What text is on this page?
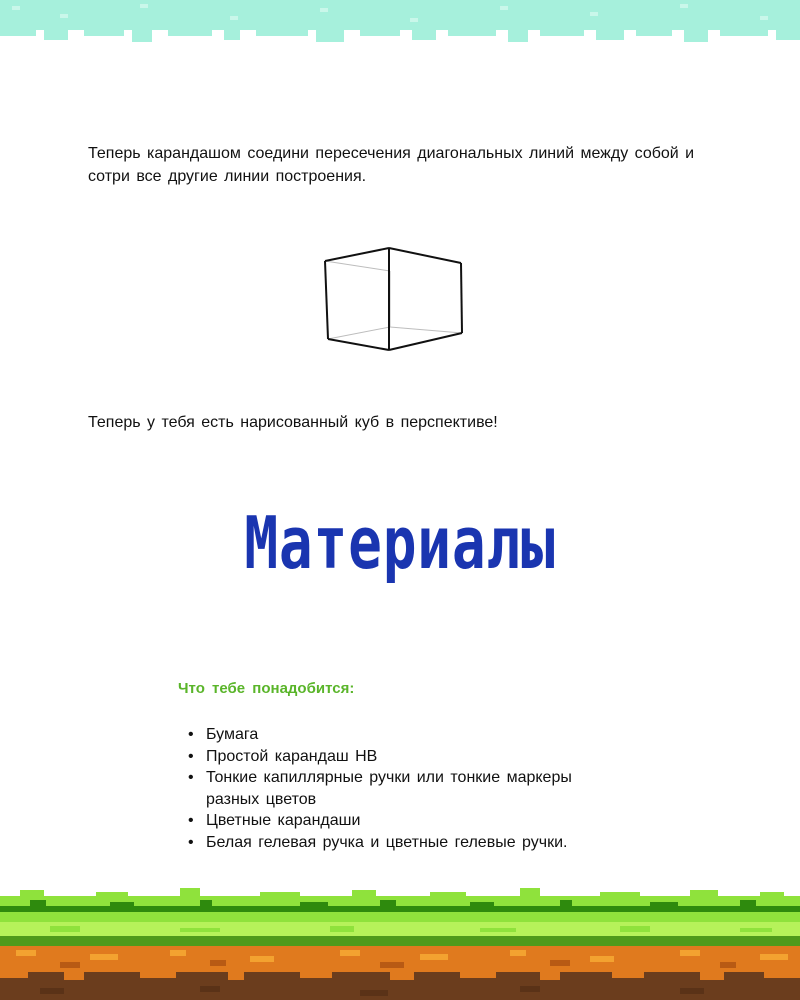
Теперь карандашом соедини пересечения диагональных линий между собой и сотри все другие линии построения.

Теперь у тебя есть нарисованный куб в перспективе!

Материалы

Что тебе понадобится:

• Бумага
• Простой карандаш HB
• Тонкие капиллярные ручки или тонкие маркеры разных цветов
• Цветные карандаши
• Белая гелевая ручка и цветные гелевые ручки.
